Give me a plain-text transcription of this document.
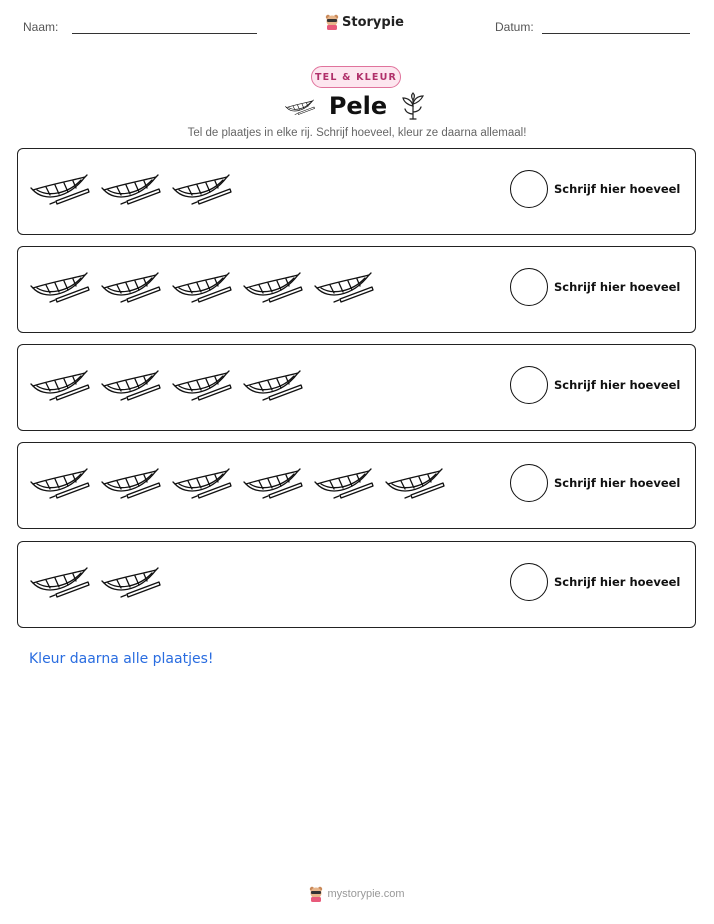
Naam:	Storypie	Datum:
TEL & KLEUR
Pele
Tel de plaatjes in elke rij. Schrijf hoeveel, kleur ze daarna allemaal!
Schrijf hier hoeveel
Schrijf hier hoeveel
Schrijf hier hoeveel
Schrijf hier hoeveel
Schrijf hier hoeveel
Kleur daarna alle plaatjes!
mystorypie.com
